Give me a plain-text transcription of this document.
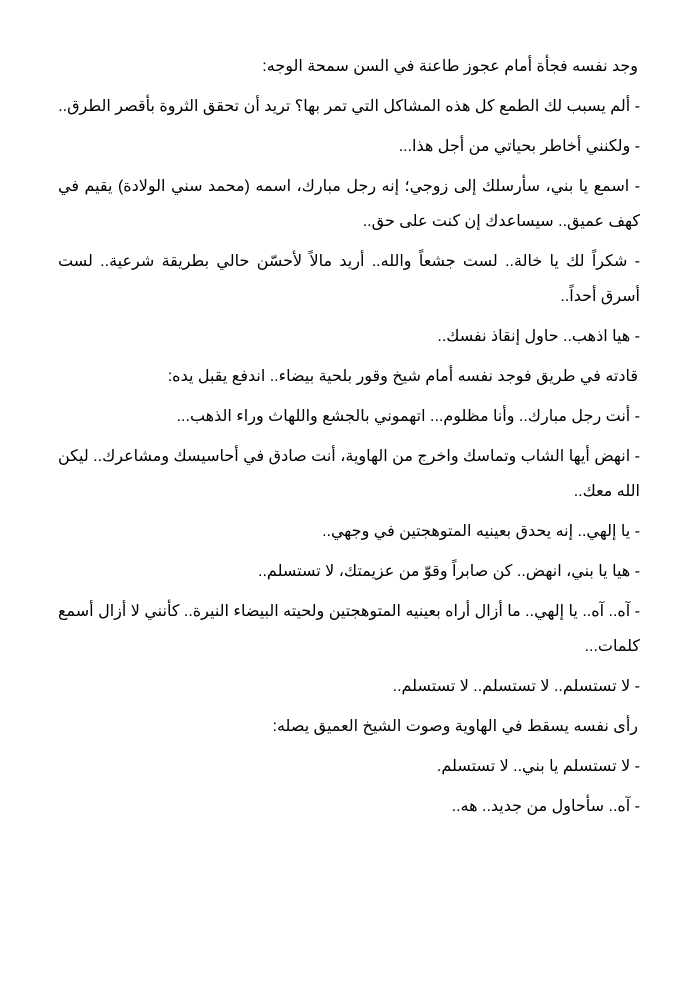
وجد نفسه فجأة أمام عجوز طاعنة في السن سمحة الوجه:

- ألم يسبب لك الطمع كل هذه المشاكل التي تمر بها؟ تريد أن تحقق الثروة بأقصر الطرق..

- ولكنني أخاطر بحياتي من أجل هذا...

- اسمع يا بني، سأرسلك إلى زوجي؛ إنه رجل مبارك، اسمه (محمد سني الولادة) يقيم في كهف عميق.. سيساعدك إن كنت على حق..

- شكراً لك يا خالة.. لست جشعاً والله.. أريد مالاً لأحسّن حالي بطريقة شرعية.. لست أسرق أحداً..

- هيا اذهب.. حاول إنقاذ نفسك..

قادته في طريق فوجد نفسه أمام شيخ وقور بلحية بيضاء.. اندفع يقبل يده:

- أنت رجل مبارك.. وأنا مظلوم... اتهموني بالجشع واللهاث وراء الذهب...

- انهض أيها الشاب وتماسك واخرج من الهاوية، أنت صادق في أحاسيسك ومشاعرك.. ليكن الله معك..

- يا إلهي.. إنه يحدق بعينيه المتوهجتين في وجهي..

- هيا يا بني، انهض.. كن صابراً وقوّ من عزيمتك، لا تستسلم..

- آه.. آه.. يا إلهي.. ما أزال أراه بعينيه المتوهجتين ولحيته البيضاء النيرة.. كأنني لا أزال أسمع كلمات...

- لا تستسلم.. لا تستسلم.. لا تستسلم..

رأى نفسه يسقط في الهاوية وصوت الشيخ العميق يصله:

- لا تستسلم يا بني.. لا تستسلم.

- آه.. سأحاول من جديد.. هه..
